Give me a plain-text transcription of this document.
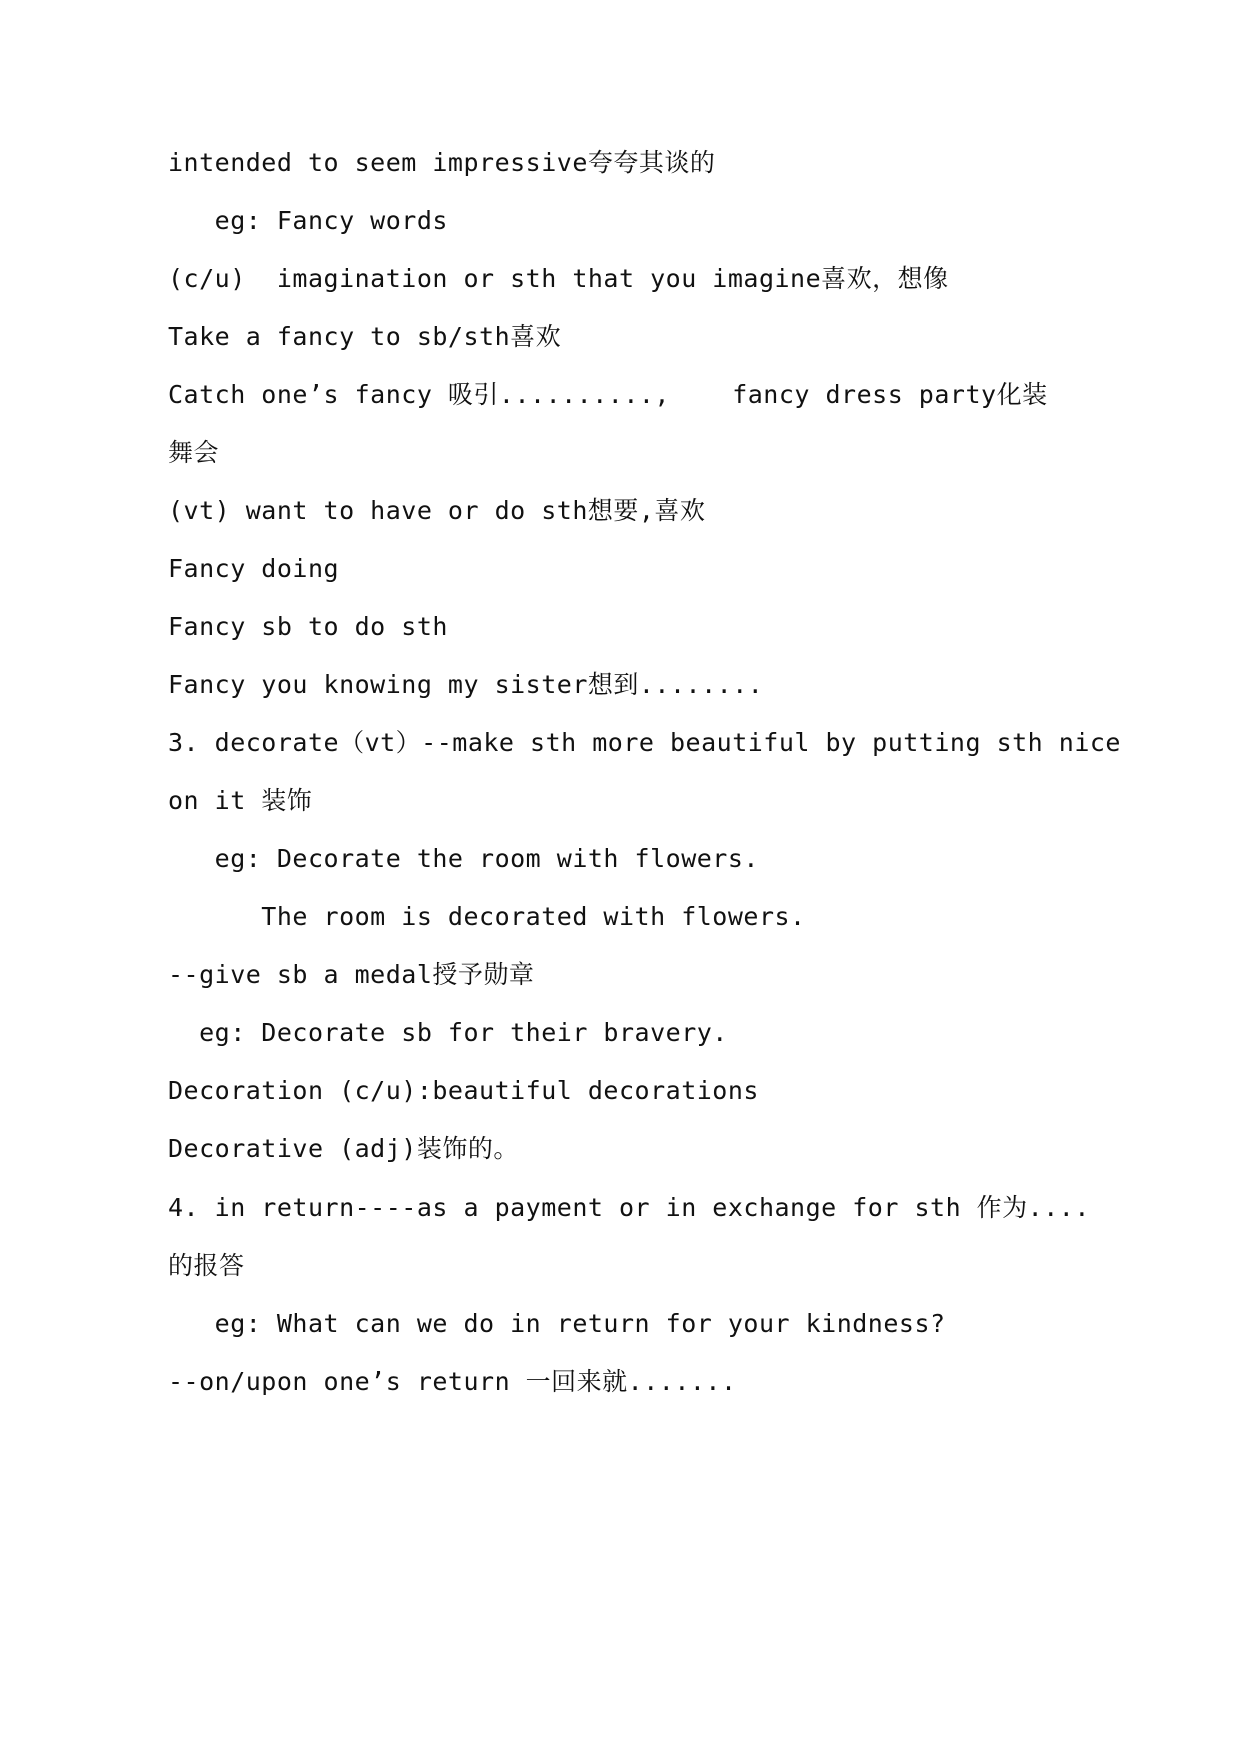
intended to seem impressive夸夸其谈的
eg: Fancy words
(c/u)  imagination or sth that you imagine喜欢，想像
Take a fancy to sb/sth喜欢
Catch one’s fancy 吸引..........,    fancy dress party化装
舞会
(vt) want to have or do sth想要,喜欢
Fancy doing
Fancy sb to do sth
Fancy you knowing my sister想到........
3. decorate（vt）--make sth more beautiful by putting sth nice
on it 装饰
eg: Decorate the room with flowers.
The room is decorated with flowers.
--give sb a medal授予勋章
eg: Decorate sb for their bravery.
Decoration (c/u):beautiful decorations
Decorative (adj)装饰的。
4. in return----as a payment or in exchange for sth 作为....
的报答
eg: What can we do in return for your kindness?
--on/upon one’s return 一回来就.......
